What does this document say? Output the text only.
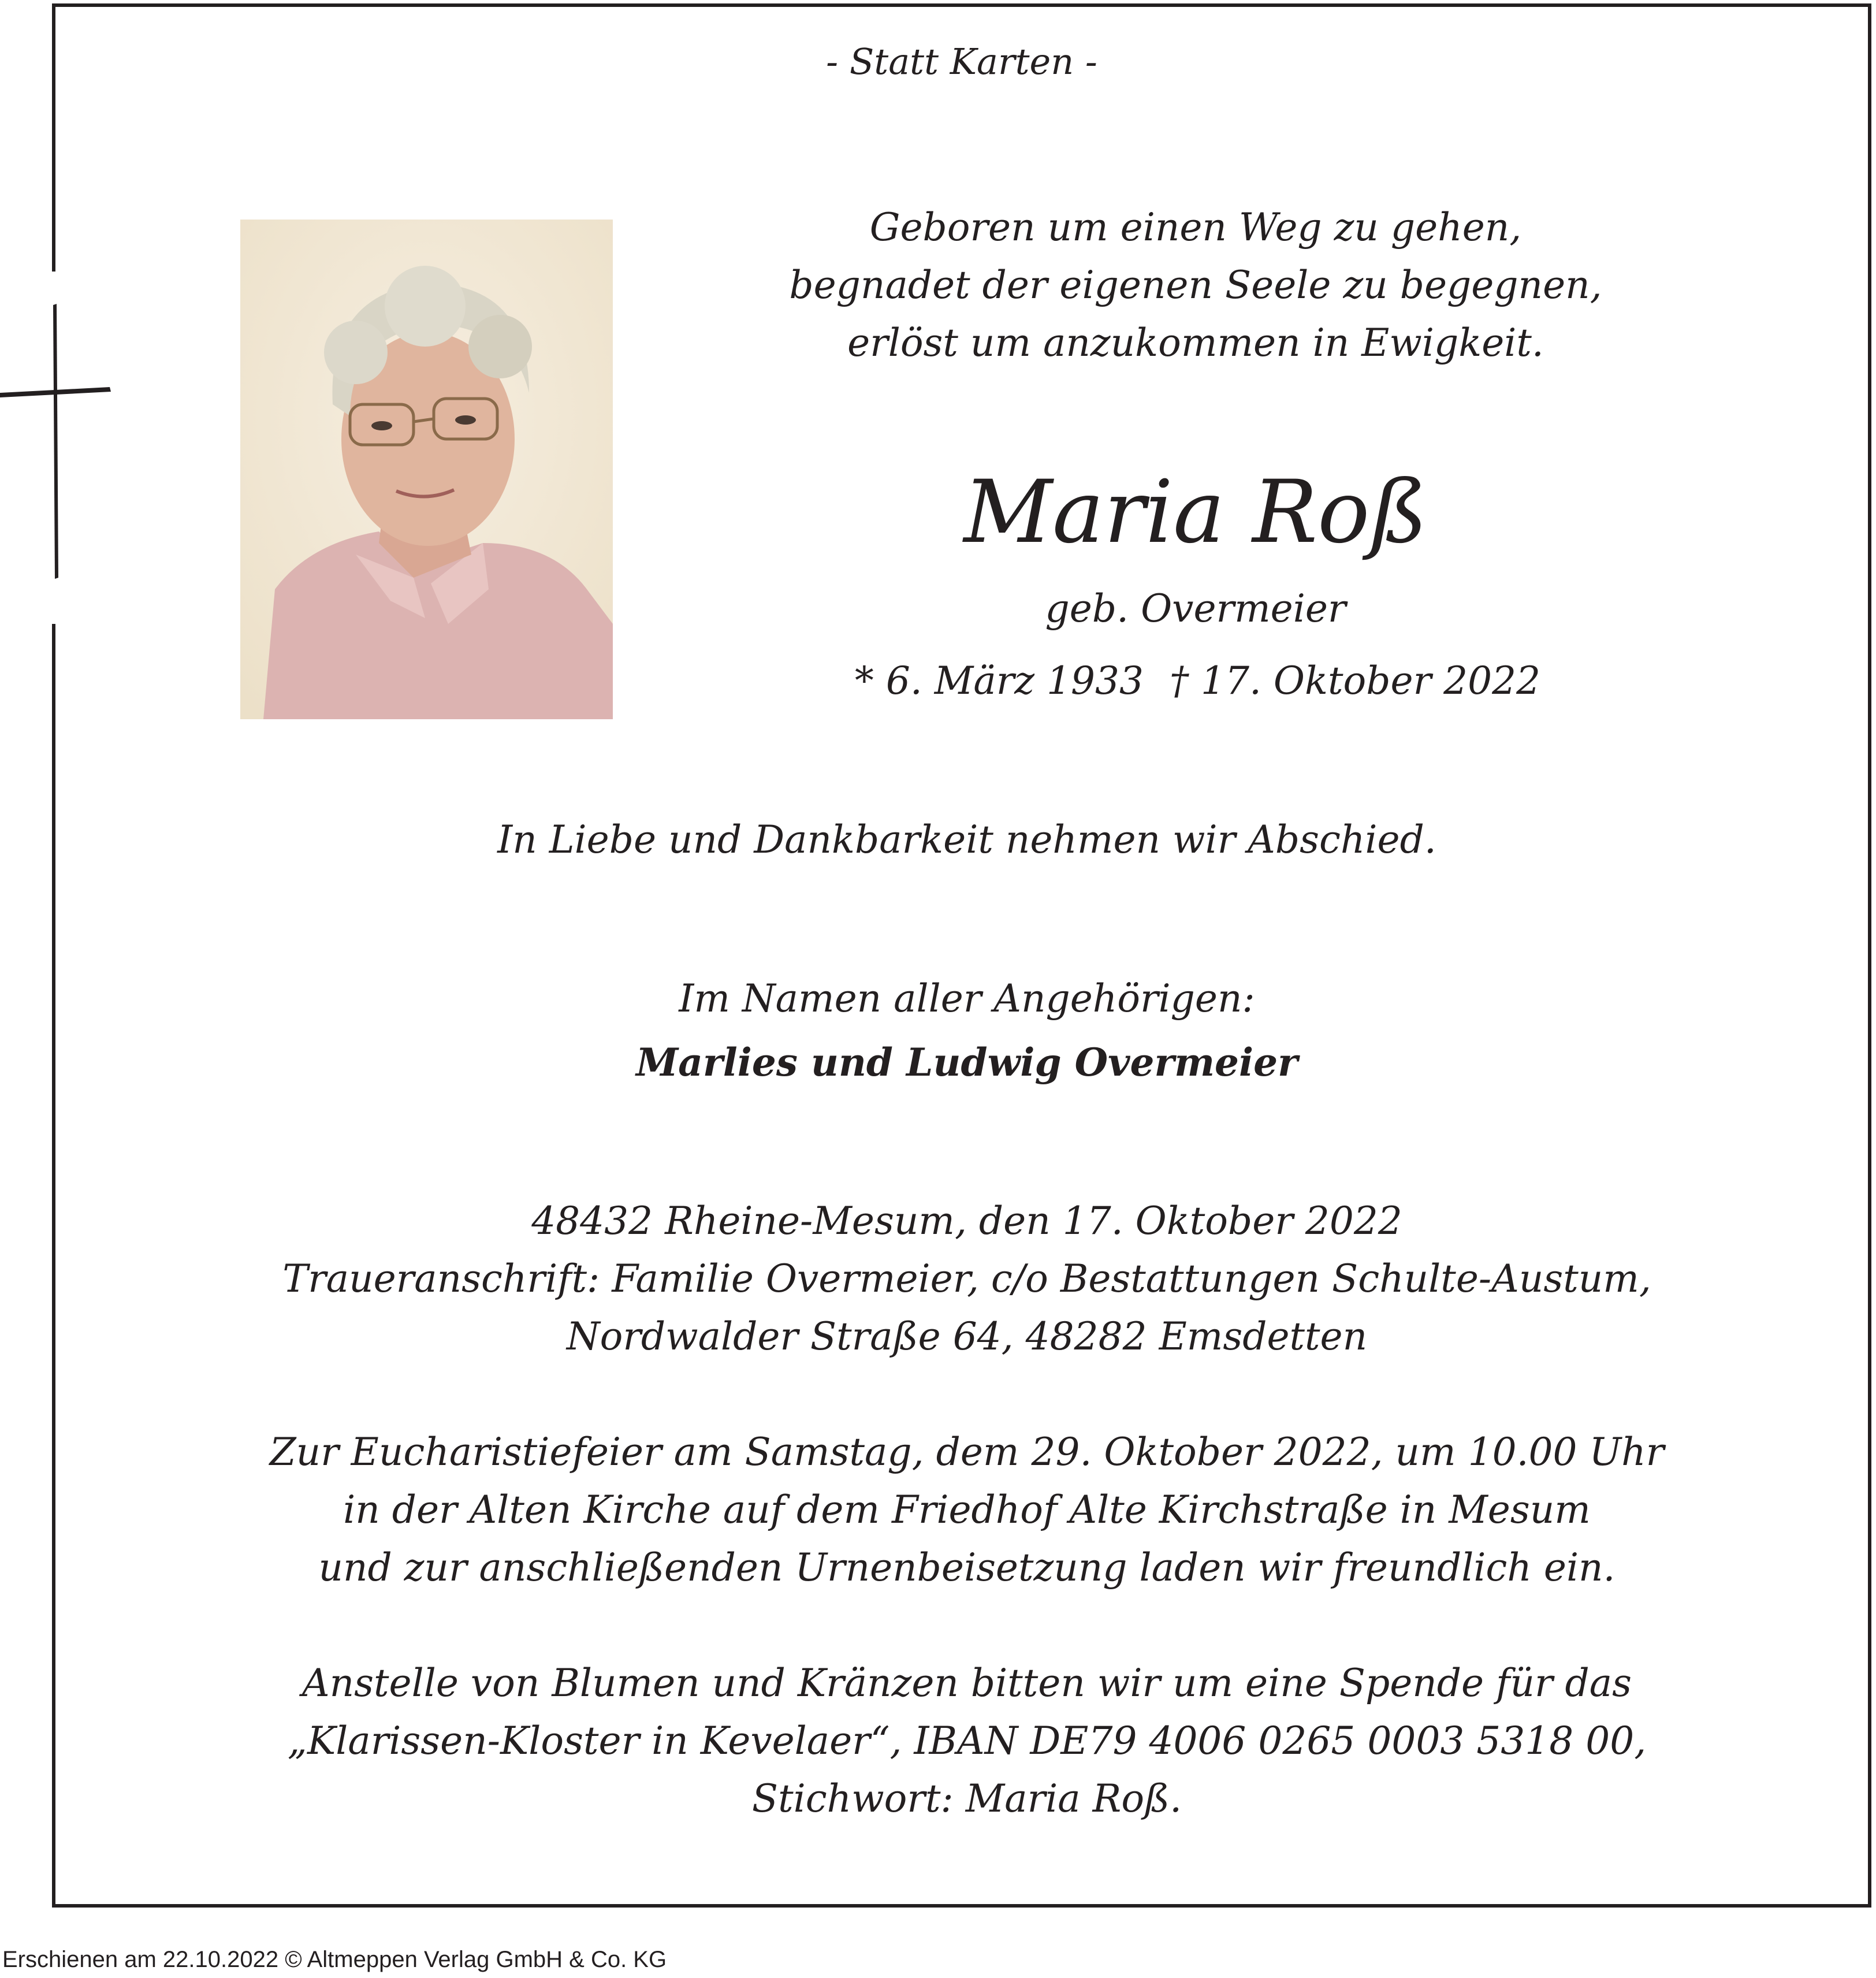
- Statt Karten -
Geboren um einen Weg zu gehen,
begnadet der eigenen Seele zu begegnen,
erlöst um anzukommen in Ewigkeit.
Maria Roß
geb. Overmeier
* 6. März 1933 † 17. Oktober 2022
In Liebe und Dankbarkeit nehmen wir Abschied.
Im Namen aller Angehörigen:
Marlies und Ludwig Overmeier
48432 Rheine-Mesum, den 17. Oktober 2022
Traueranschrift: Familie Overmeier, c/o Bestattungen Schulte-Austum,
Nordwalder Straße 64, 48282 Emsdetten
Zur Eucharistiefeier am Samstag, dem 29. Oktober 2022, um 10.00 Uhr
in der Alten Kirche auf dem Friedhof Alte Kirchstraße in Mesum
und zur anschließenden Urnenbeisetzung laden wir freundlich ein.
Anstelle von Blumen und Kränzen bitten wir um eine Spende für das
„Klarissen-Kloster in Kevelaer“, IBAN DE79 4006 0265 0003 5318 00,
Stichwort: Maria Roß.
Erschienen am 22.10.2022 © Altmeppen Verlag GmbH & Co. KG
